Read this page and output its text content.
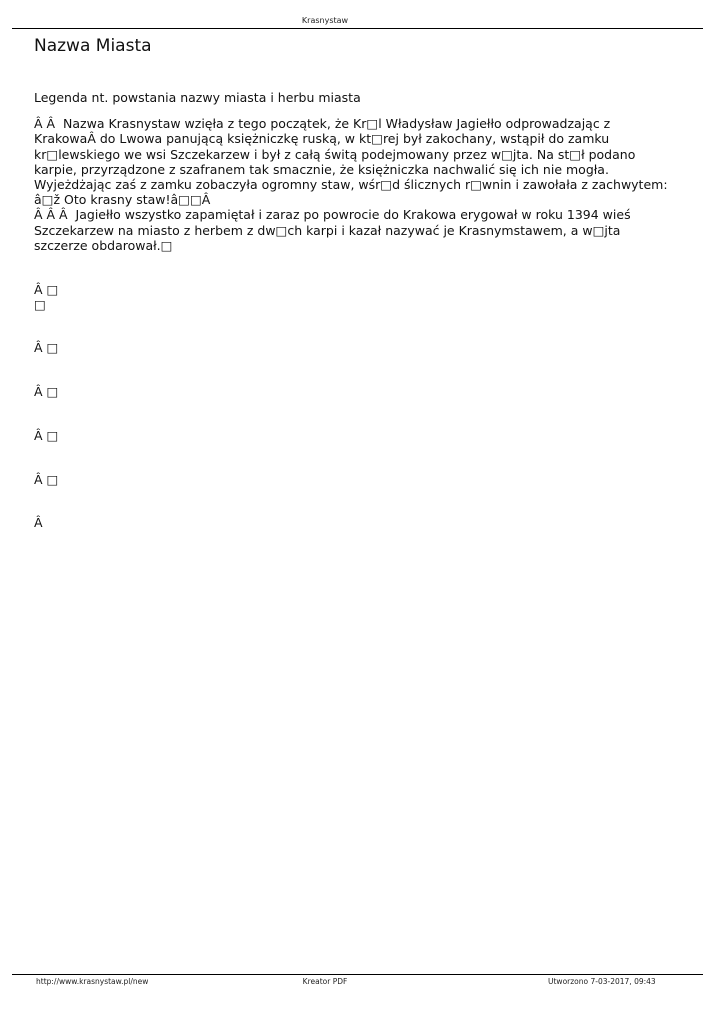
Krasnystaw
Nazwa Miasta

Legenda nt. powstania nazwy miasta i herbu miasta

Â Â  Nazwa Krasnystaw wzięła z tego początek, że Kr□l Władysław Jagiełło odprowadzając z KrakowaÂ do Lwowa panującą księżniczkę ruską, w kt□rej był zakochany, wstąpił do zamku kr□lewskiego we wsi Szczekarzew i był z całą świtą podejmowany przez w□jta. Na st□ł podano karpie, przyrządzone z szafranem tak smacznie, że księżniczka nachwalić się ich nie mogła. Wyjeżdżając zaś z zamku zobaczyła ogromny staw, wśr□d ślicznych r□wnin i zawołała z zachwytem: â□ž Oto krasny staw!â□□Â

Â Â Â  Jagiełło wszystko zapamiętał i zaraz po powrocie do Krakowa erygował w roku 1394 wieś Szczekarzew na miasto z herbem z dw□ch karpi i kazał nazywać je Krasnymstawem, a w□jta szczerze obdarował.□

Â □
□
Â □
Â □
Â □
Â □
Â
http://www.krasnystaw.pl/new	Kreator PDF	Utworzono 7-03-2017, 09:43
